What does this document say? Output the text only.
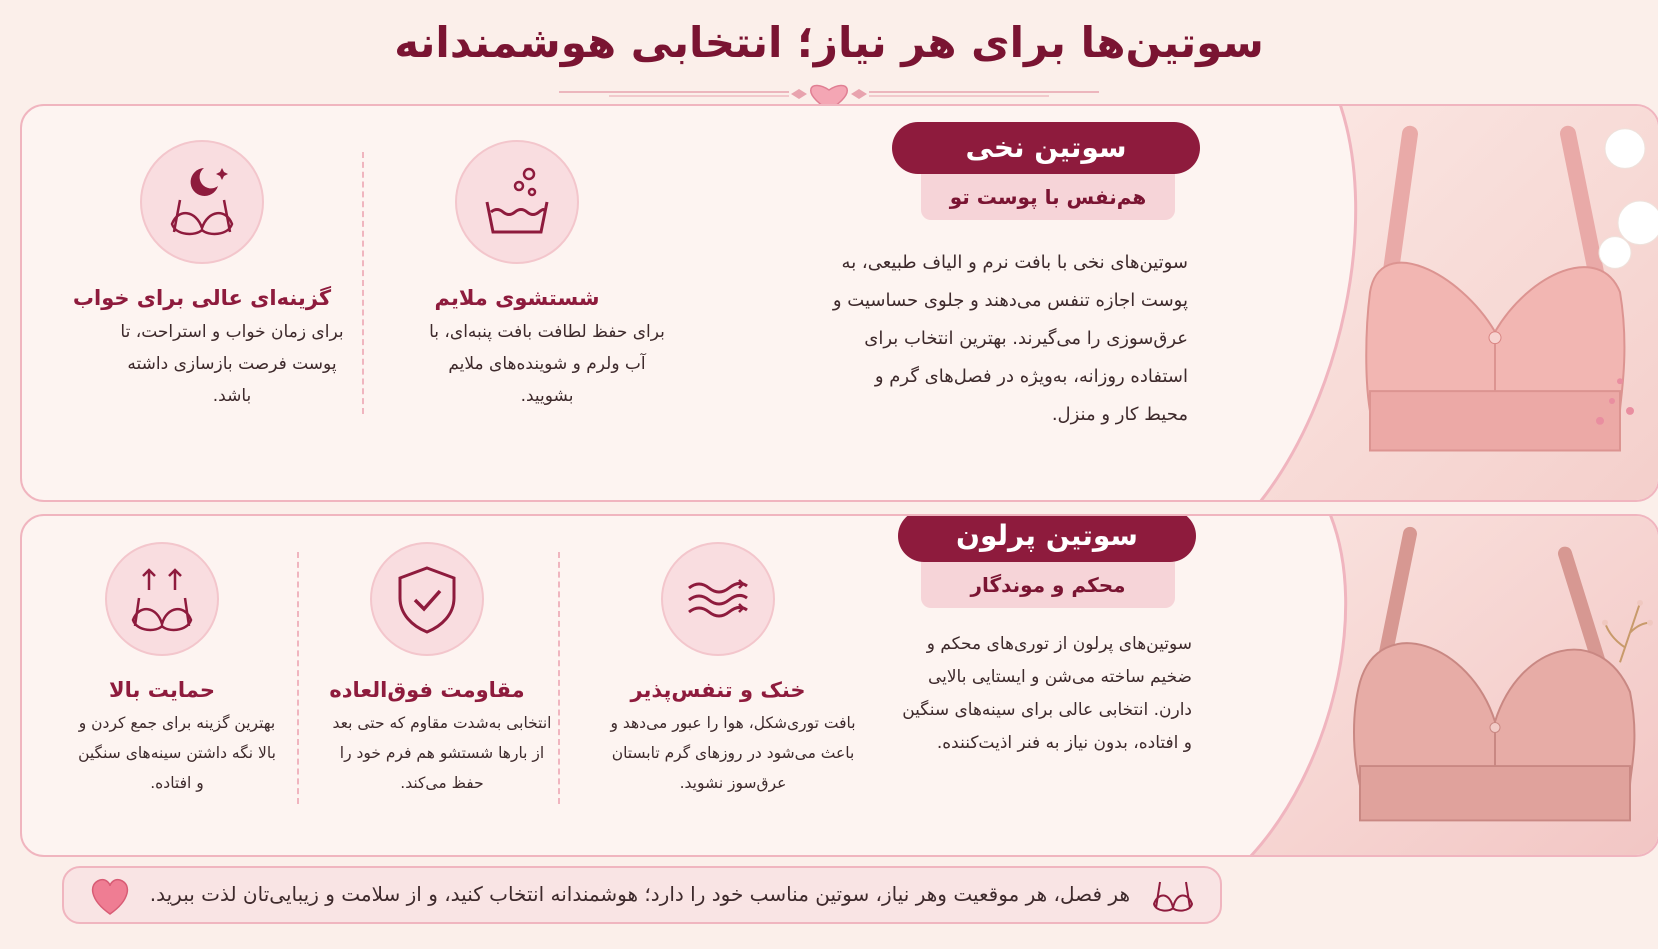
سوتین‌ها برای هر نیاز؛ انتخابی هوشمندانه
سوتین نخی
هم‌نفس با پوست تو
سوتین‌های نخی با بافت نرم و الیاف طبیعی، به پوست اجازه تنفس می‌دهند و جلوی حساسیت و عرق‌سوزی را می‌گیرند. بهترین انتخاب برای استفاده روزانه، به‌ویژه در فصل‌های گرم و محیط کار و منزل.
شستشوی ملایم
برای حفظ لطافت بافت پنبه‌ای، با آب ولرم و شوینده‌های ملایم بشویید.
گزینه‌ای عالی برای خواب
برای زمان خواب و استراحت، تا پوست فرصت بازسازی داشته باشد.
سوتین پرلون
محکم و موندگار
سوتین‌های پرلون از توری‌های محکم و ضخیم ساخته می‌شن و ایستایی بالایی دارن. انتخابی عالی برای سینه‌های سنگین و افتاده، بدون نیاز به فنر اذیت‌کننده.
خنک و تنفس‌پذیر
بافت توری‌شکل، هوا را عبور می‌دهد و باعث می‌شود در روزهای گرم تابستان عرق‌سوز نشوید.
مقاومت فوق‌العاده
انتخابی به‌شدت مقاوم که حتی بعد از بارها شستشو هم فرم خود را حفظ می‌کند.
حمایت بالا
بهترین گزینه برای جمع کردن و بالا نگه داشتن سینه‌های سنگین و افتاده.
هر فصل، هر موقعیت وهر نیاز، سوتین مناسب خود را دارد؛ هوشمندانه انتخاب کنید، و از سلامت و زیبایی‌تان لذت ببرید.
